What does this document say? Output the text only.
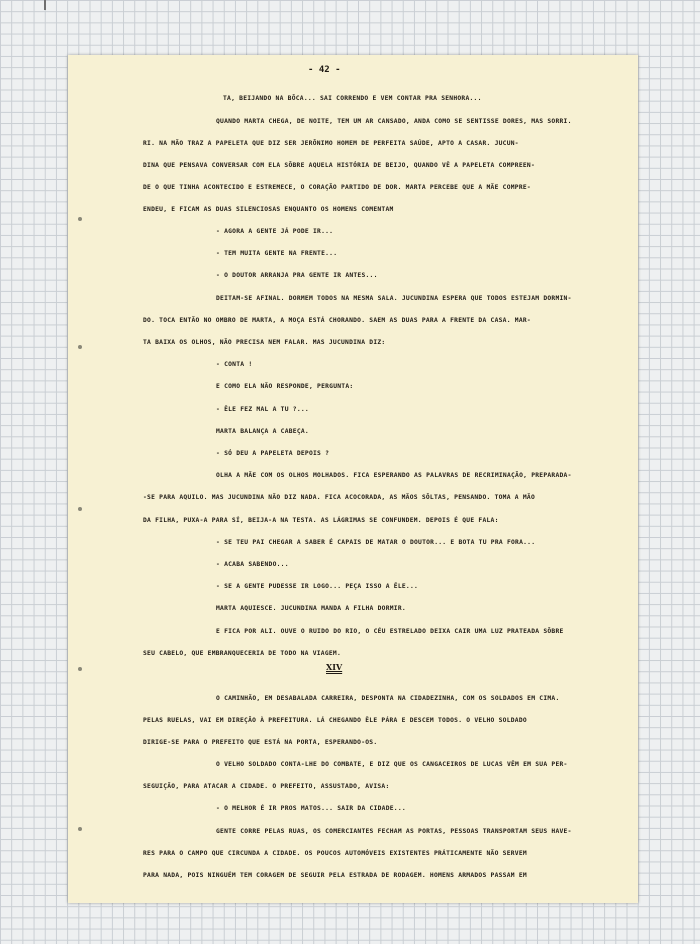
- 42 -
TA, BEIJANDO NA BÔCA... SAI CORRENDO E VEM CONTAR PRA SENHORA...
QUANDO MARTA CHEGA, DE NOITE, TEM UM AR CANSADO, ANDA COMO SE SENTISSE DORES, MAS SORRI.
RI. NA MÃO TRAZ A PAPELETA QUE DIZ SER JERÔNIMO HOMEM DE PERFEITA SAÚDE, APTO A CASAR. JUCUN-
DINA QUE PENSAVA CONVERSAR COM ELA SÔBRE AQUELA HISTÓRIA DE BEIJO, QUANDO VÊ A PAPELETA COMPREEN-
DE O QUE TINHA ACONTECIDO E ESTREMECE, O CORAÇÃO PARTIDO DE DOR. MARTA PERCEBE QUE A MÃE COMPRE-
ENDEU, E FICAM AS DUAS SILENCIOSAS ENQUANTO OS HOMENS COMENTAM
- AGORA A GENTE JÁ PODE IR...
- TEM MUITA GENTE NA FRENTE...
- O DOUTOR ARRANJA PRA GENTE IR ANTES...
DEITAM-SE AFINAL. DORMEM TODOS NA MESMA SALA. JUCUNDINA ESPERA QUE TODOS ESTEJAM DORMIN-
DO. TOCA ENTÃO NO OMBRO DE MARTA, A MOÇA ESTÁ CHORANDO. SAEM AS DUAS PARA A FRENTE DA CASA. MAR-
TA BAIXA OS OLHOS, NÃO PRECISA NEM FALAR. MAS JUCUNDINA DIZ:
- CONTA !
E COMO ELA NÃO RESPONDE, PERGUNTA:
- ÊLE FEZ MAL A TU ?...
MARTA BALANÇA A CABEÇA.
- SÓ DEU A PAPELETA DEPOIS ?
OLHA A MÃE COM OS OLHOS MOLHADOS. FICA ESPERANDO AS PALAVRAS DE RECRIMINAÇÃO, PREPARADA-
-SE PARA AQUILO. MAS JUCUNDINA NÃO DIZ NADA. FICA ACOCORADA, AS MÃOS SÔLTAS, PENSANDO. TOMA A MÃO
DA FILHA, PUXA-A PARA SÍ, BEIJA-A NA TESTA. AS LÁGRIMAS SE CONFUNDEM. DEPOIS É QUE FALA:
- SE TEU PAI CHEGAR A SABER É CAPAIS DE MATAR O DOUTOR... E BOTA TU PRA FORA...
- ACABA SABENDO...
- SE A GENTE PUDESSE IR LOGO... PEÇA ISSO A ÊLE...
MARTA AQUIESCE. JUCUNDINA MANDA A FILHA DORMIR.
E FICA POR ALI. OUVE O RUIDO DO RIO, O CÉU ESTRELADO DEIXA CAIR UMA LUZ PRATEADA SÔBRE
SEU CABELO, QUE EMBRANQUECERIA DE TODO NA VIAGEM.
XIV
O CAMINHÃO, EM DESABALADA CARREIRA, DESPONTA NA CIDADEZINHA, COM OS SOLDADOS EM CIMA.
PELAS RUELAS, VAI EM DIREÇÃO À PREFEITURA. LÁ CHEGANDO ÊLE PÁRA E DESCEM TODOS. O VELHO SOLDADO
DIRIGE-SE PARA O PREFEITO QUE ESTÁ NA PORTA, ESPERANDO-OS.
O VELHO SOLDADO CONTA-LHE DO COMBATE, E DIZ QUE OS CANGACEIROS DE LUCAS VÊM EM SUA PER-
SEGUIÇÃO, PARA ATACAR A CIDADE. O PREFEITO, ASSUSTADO, AVISA:
- O MELHOR É IR PROS MATOS... SAIR DA CIDADE...
GENTE CORRE PELAS RUAS, OS COMERCIANTES FECHAM AS PORTAS, PESSOAS TRANSPORTAM SEUS HAVE-
RES PARA O CAMPO QUE CIRCUNDA A CIDADE. OS POUCOS AUTOMÓVEIS EXISTENTES PRÁTICAMENTE NÃO SERVEM
PARA NADA, POIS NINGUÉM TEM CORAGEM DE SEGUIR PELA ESTRADA DE RODAGEM. HOMENS ARMADOS PASSAM EM
